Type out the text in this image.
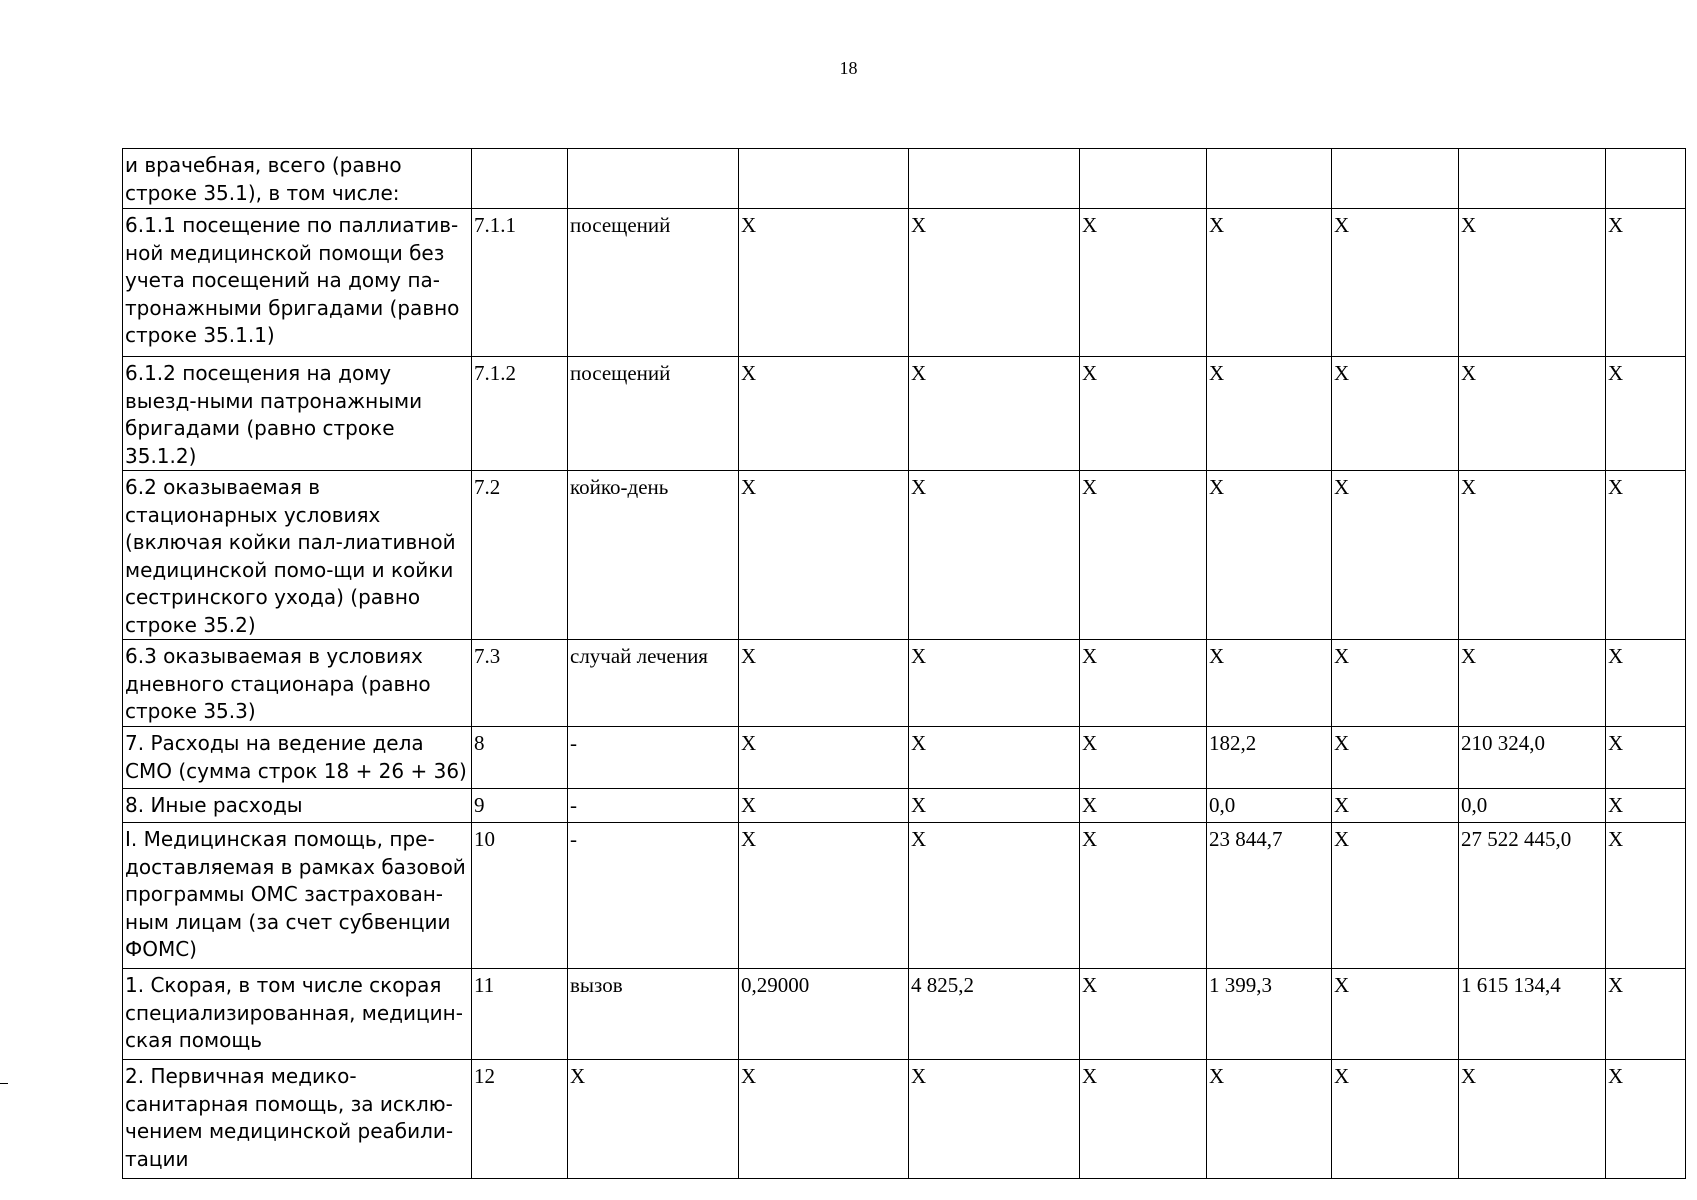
18
и врачебная, всего (равно строке 35.1), в том числе:									
6.1.1 посещение по паллиатив-ной медицинской помощи без учета посещений на дому па-тронажными бригадами (равно строке 35.1.1)	7.1.1	посещений	Х	Х	Х	Х	Х	Х	Х
6.1.2 посещения на дому выезд-ными патронажными бригадами (равно строке 35.1.2)	7.1.2	посещений	Х	Х	Х	Х	Х	Х	Х
6.2 оказываемая в стационарных условиях (включая койки пал-лиативной медицинской помо-щи и койки сестринского ухода) (равно строке 35.2)	7.2	койко-день	Х	Х	Х	Х	Х	Х	Х
6.3 оказываемая в условиях дневного стационара (равно строке 35.3)	7.3	случай лечения	Х	Х	Х	Х	Х	Х	Х
7. Расходы на ведение дела СМО (сумма строк 18 + 26 + 36)	8	-	Х	Х	Х	182,2	Х	210 324,0	Х
8. Иные расходы	9	-	Х	Х	Х	0,0	Х	0,0	Х
I. Медицинская помощь, пре-доставляемая в рамках базовой программы ОМС застрахован-ным лицам (за счет субвенции ФОМС)	10	-	Х	Х	Х	23 844,7	Х	27 522 445,0	Х
1. Скорая, в том числе скорая специализированная, медицин-ская помощь	11	вызов	0,29000	4 825,2	Х	1 399,3	Х	1 615 134,4	Х
2. Первичная медико-санитарная помощь, за исклю-чением медицинской реабили-тации	12	Х	Х	Х	Х	Х	Х	Х	Х
